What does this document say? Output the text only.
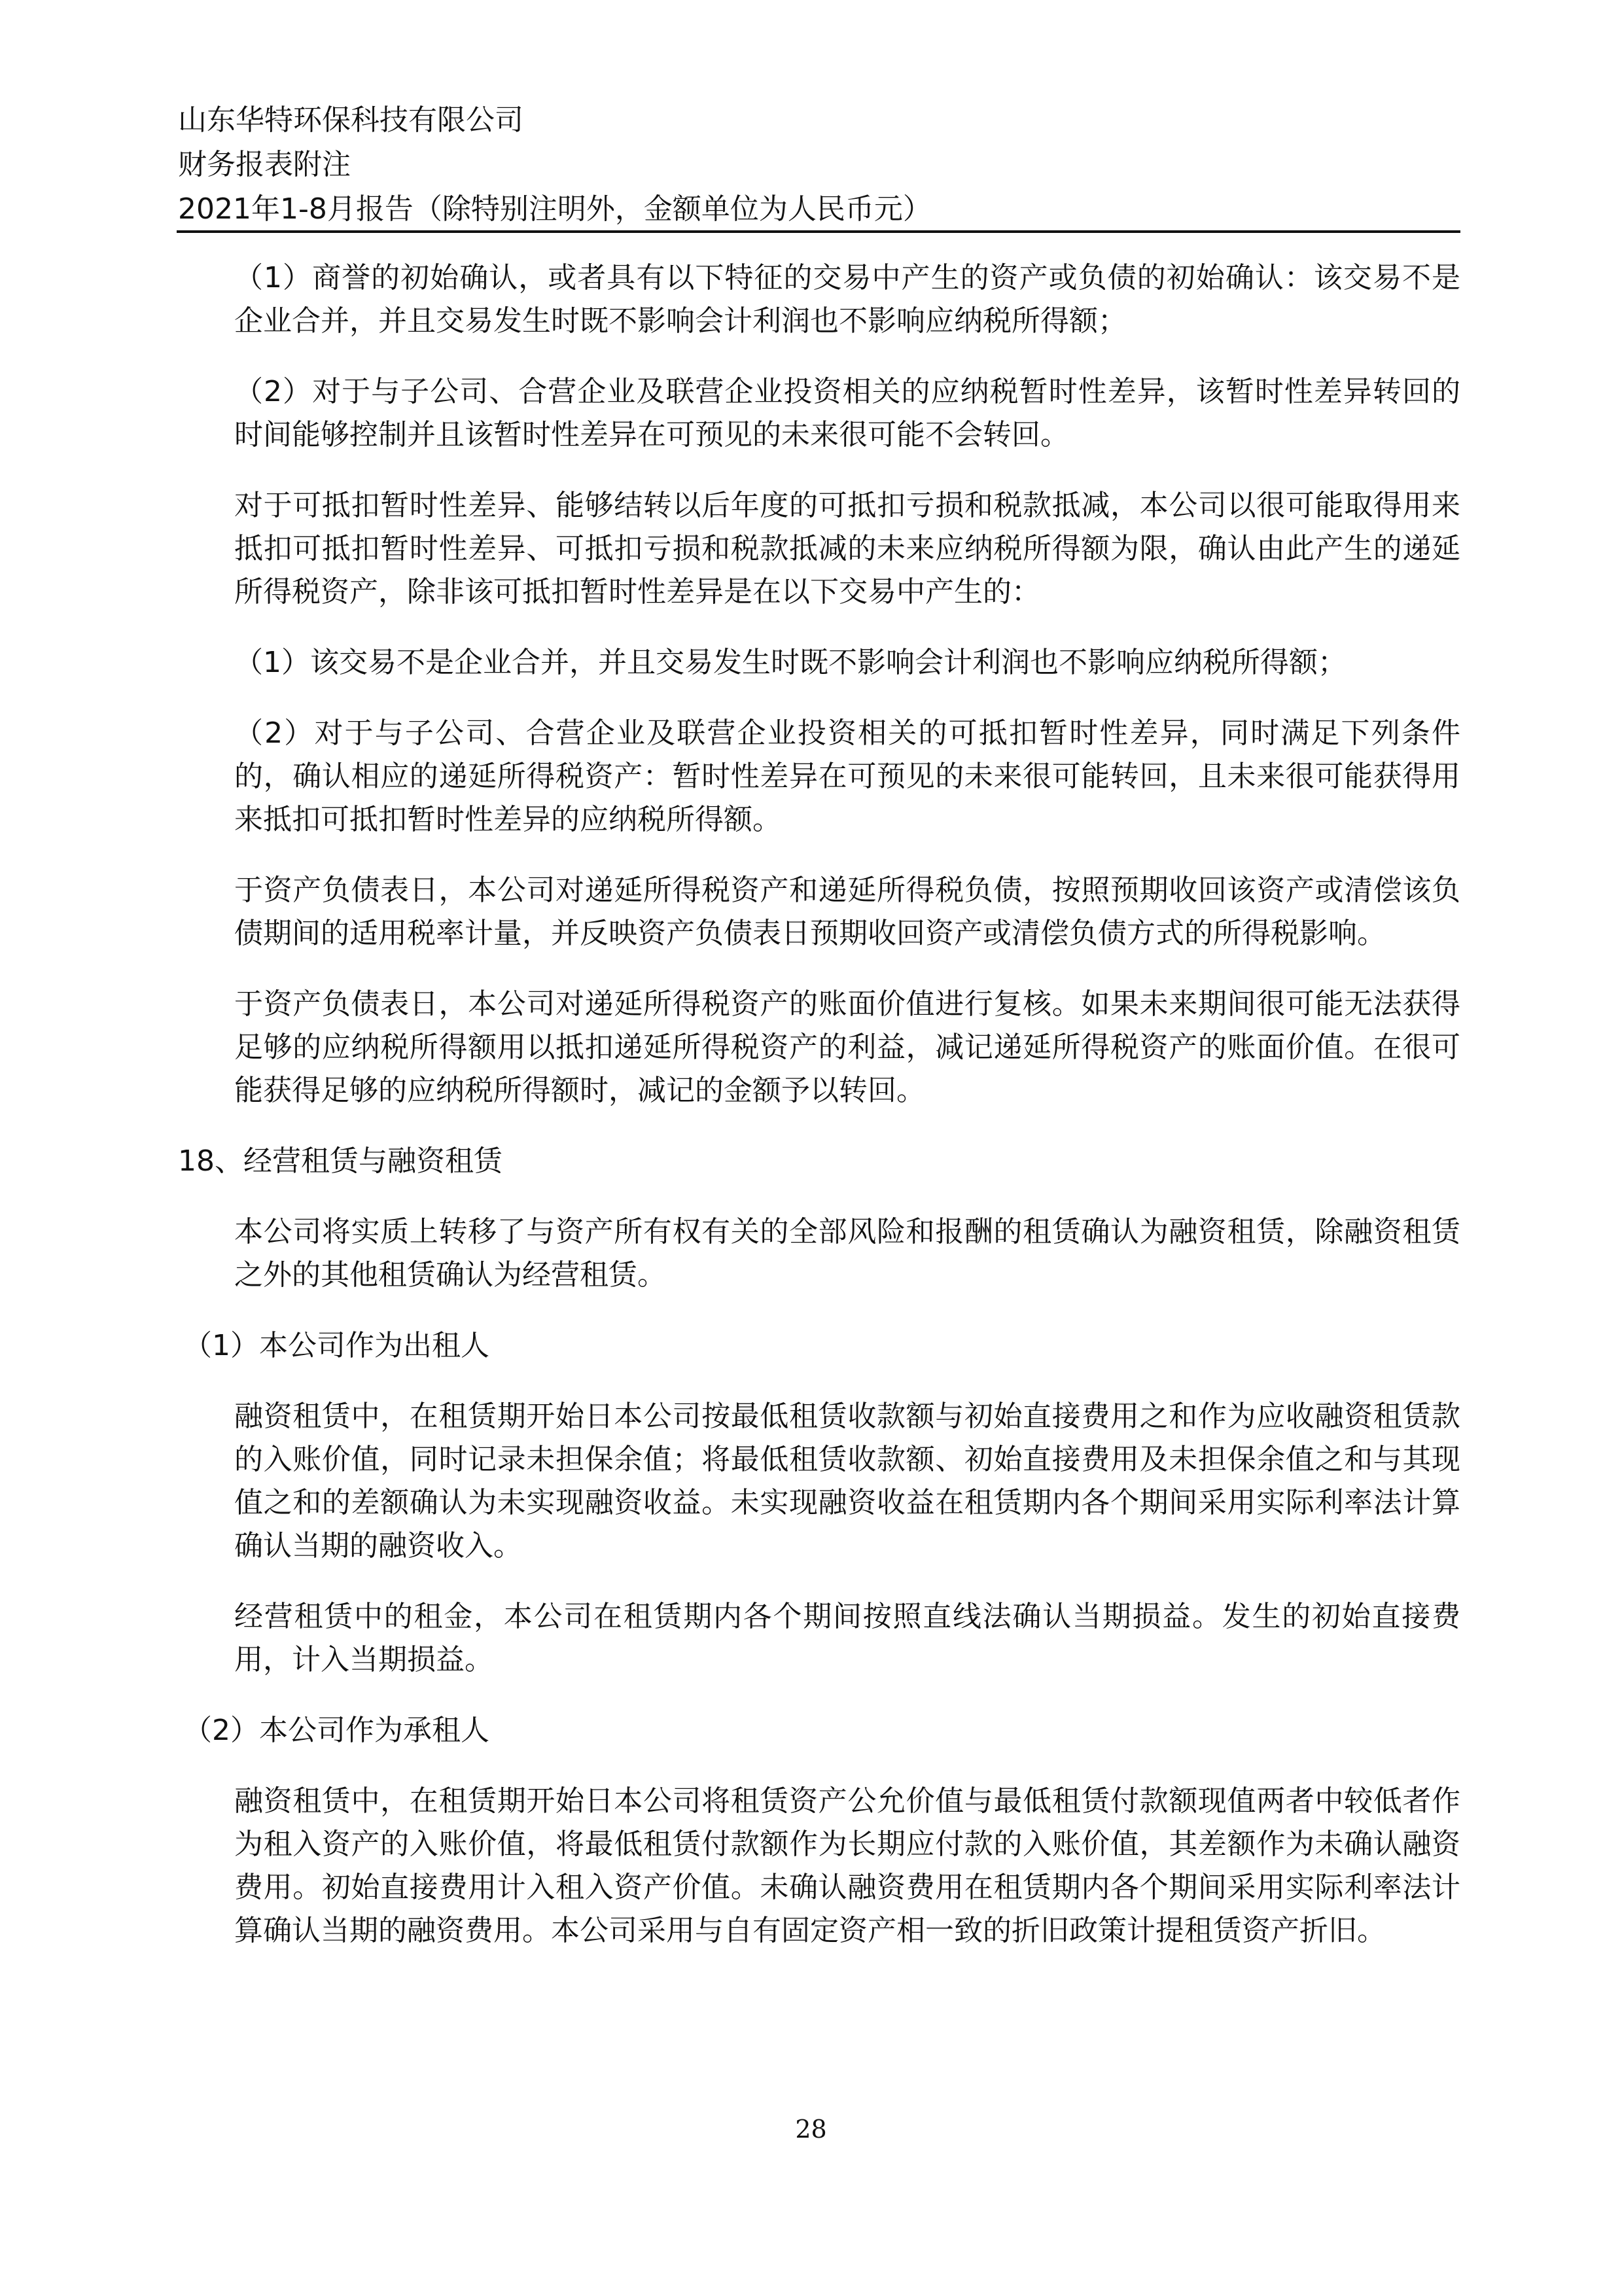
山东华特环保科技有限公司
财务报表附注
2021年1-8月报告（除特别注明外，金额单位为人民币元）

（1）商誉的初始确认，或者具有以下特征的交易中产生的资产或负债的初始确认：该交易不是企业合并，并且交易发生时既不影响会计利润也不影响应纳税所得额；

（2）对于与子公司、合营企业及联营企业投资相关的应纳税暂时性差异，该暂时性差异转回的时间能够控制并且该暂时性差异在可预见的未来很可能不会转回。

对于可抵扣暂时性差异、能够结转以后年度的可抵扣亏损和税款抵减，本公司以很可能取得用来抵扣可抵扣暂时性差异、可抵扣亏损和税款抵减的未来应纳税所得额为限，确认由此产生的递延所得税资产，除非该可抵扣暂时性差异是在以下交易中产生的：

（1）该交易不是企业合并，并且交易发生时既不影响会计利润也不影响应纳税所得额；

（2）对于与子公司、合营企业及联营企业投资相关的可抵扣暂时性差异，同时满足下列条件的，确认相应的递延所得税资产：暂时性差异在可预见的未来很可能转回，且未来很可能获得用来抵扣可抵扣暂时性差异的应纳税所得额。

于资产负债表日，本公司对递延所得税资产和递延所得税负债，按照预期收回该资产或清偿该负债期间的适用税率计量，并反映资产负债表日预期收回资产或清偿负债方式的所得税影响。

于资产负债表日，本公司对递延所得税资产的账面价值进行复核。如果未来期间很可能无法获得足够的应纳税所得额用以抵扣递延所得税资产的利益，减记递延所得税资产的账面价值。在很可能获得足够的应纳税所得额时，减记的金额予以转回。

18、经营租赁与融资租赁

本公司将实质上转移了与资产所有权有关的全部风险和报酬的租赁确认为融资租赁，除融资租赁之外的其他租赁确认为经营租赁。

（1）本公司作为出租人

融资租赁中，在租赁期开始日本公司按最低租赁收款额与初始直接费用之和作为应收融资租赁款的入账价值，同时记录未担保余值；将最低租赁收款额、初始直接费用及未担保余值之和与其现值之和的差额确认为未实现融资收益。未实现融资收益在租赁期内各个期间采用实际利率法计算确认当期的融资收入。

经营租赁中的租金，本公司在租赁期内各个期间按照直线法确认当期损益。发生的初始直接费用，计入当期损益。

（2）本公司作为承租人

融资租赁中，在租赁期开始日本公司将租赁资产公允价值与最低租赁付款额现值两者中较低者作为租入资产的入账价值，将最低租赁付款额作为长期应付款的入账价值，其差额作为未确认融资费用。初始直接费用计入租入资产价值。未确认融资费用在租赁期内各个期间采用实际利率法计算确认当期的融资费用。本公司采用与自有固定资产相一致的折旧政策计提租赁资产折旧。

28
